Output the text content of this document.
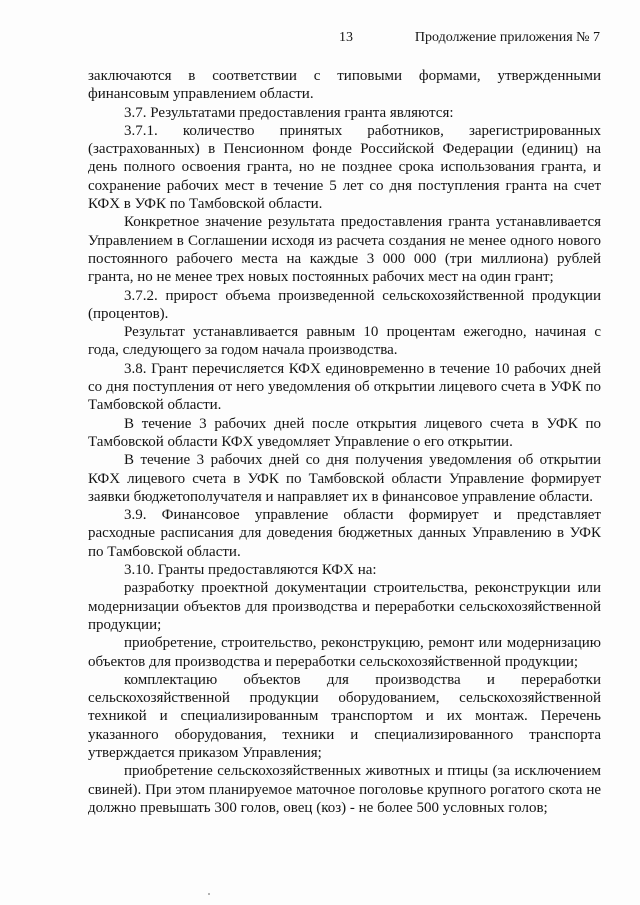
13	Продолжение приложения № 7

заключаются в соответствии с типовыми формами, утвержденными финансовым управлением области.

3.7. Результатами предоставления гранта являются:

3.7.1. количество принятых работников, зарегистрированных (застрахованных) в Пенсионном фонде Российской Федерации (единиц) на день полного освоения гранта, но не позднее срока использования гранта, и сохранение рабочих мест в течение 5 лет со дня поступления гранта на счет КФХ в УФК по Тамбовской области.

Конкретное значение результата предоставления гранта устанавливается Управлением в Соглашении исходя из расчета создания не менее одного нового постоянного рабочего места на каждые 3 000 000 (три миллиона) рублей гранта, но не менее трех новых постоянных рабочих мест на один грант;

3.7.2. прирост объема произведенной сельскохозяйственной продукции (процентов).

Результат устанавливается равным 10 процентам ежегодно, начиная с года, следующего за годом начала производства.

3.8. Грант перечисляется КФХ единовременно в течение 10 рабочих дней со дня поступления от него уведомления об открытии лицевого счета в УФК по Тамбовской области.

В течение 3 рабочих дней после открытия лицевого счета в УФК по Тамбовской области КФХ уведомляет Управление о его открытии.

В течение 3 рабочих дней со дня получения уведомления об открытии КФХ лицевого счета в УФК по Тамбовской области Управление формирует заявки бюджетополучателя и направляет их в финансовое управление области.

3.9. Финансовое управление области формирует и представляет расходные расписания для доведения бюджетных данных Управлению в УФК по Тамбовской области.

3.10. Гранты предоставляются КФХ на:

разработку проектной документации строительства, реконструкции или модернизации объектов для производства и переработки сельскохозяйственной продукции;

приобретение, строительство, реконструкцию, ремонт или модернизацию объектов для производства и переработки сельскохозяйственной продукции;

комплектацию объектов для производства и переработки сельскохозяйственной продукции оборудованием, сельскохозяйственной техникой и специализированным транспортом и их монтаж. Перечень указанного оборудования, техники и специализированного транспорта утверждается приказом Управления;

приобретение сельскохозяйственных животных и птицы (за исключением свиней). При этом планируемое маточное поголовье крупного рогатого скота не должно превышать 300 голов, овец (коз) - не более 500 условных голов;
